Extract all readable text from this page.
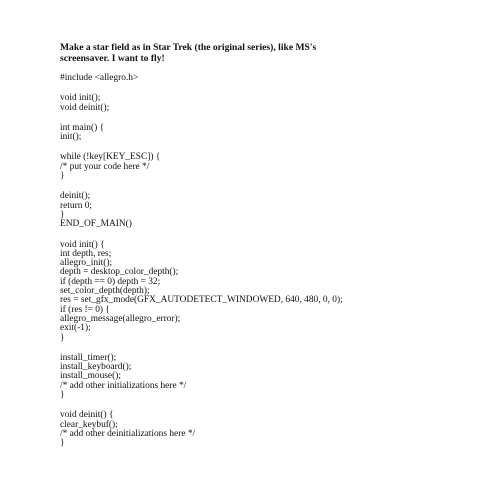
Make a star field as in Star Trek (the original series), like MS's
screensaver. I want to fly!
#include <allegro.h>
void init();
void deinit();
int main() {
init();
while (!key[KEY_ESC]) {
/* put your code here */
}
deinit();
return 0;
}
END_OF_MAIN()
void init() {
int depth, res;
allegro_init();
depth = desktop_color_depth();
if (depth == 0) depth = 32;
set_color_depth(depth);
res = set_gfx_mode(GFX_AUTODETECT_WINDOWED, 640, 480, 0, 0);
if (res != 0) {
allegro_message(allegro_error);
exit(-1);
}
install_timer();
install_keyboard();
install_mouse();
/* add other initializations here */
}
void deinit() {
clear_keybuf();
/* add other deinitializations here */
}
